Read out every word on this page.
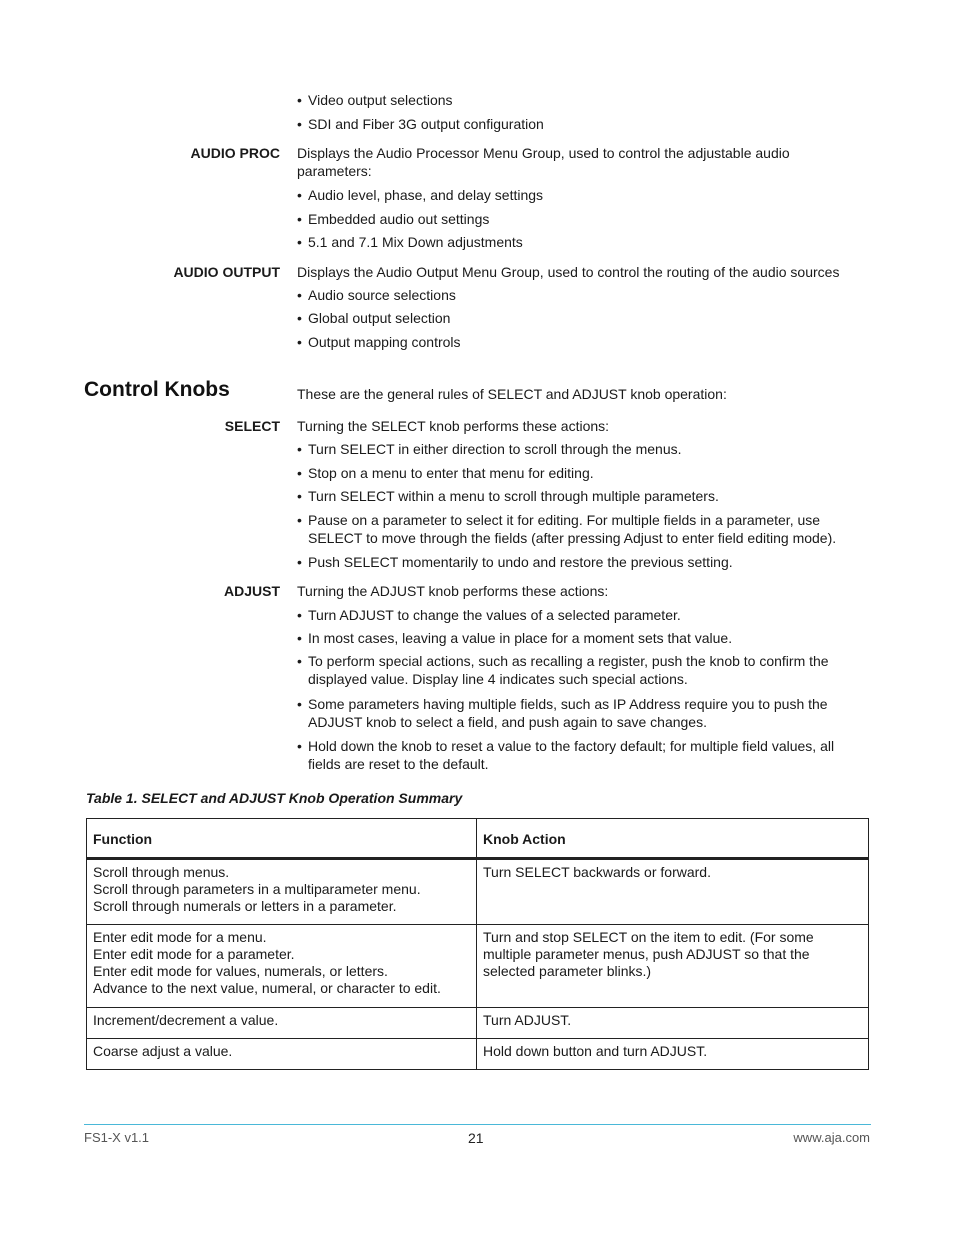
• Video output selections
• SDI and Fiber 3G output configuration
AUDIO PROC Displays the Audio Processor Menu Group, used to control the adjustable audio
parameters:
• Audio level, phase, and delay settings
• Embedded audio out settings
• 5.1 and 7.1 Mix Down adjustments
AUDIO OUTPUT Displays the Audio Output Menu Group, used to control the routing of the audio sources
• Audio source selections
• Global output selection
• Output mapping controls
Control Knobs	These are the general rules of SELECT and ADJUST knob operation:
SELECT Turning the SELECT knob performs these actions:
• Turn SELECT in either direction to scroll through the menus.
• Stop on a menu to enter that menu for editing.
• Turn SELECT within a menu to scroll through multiple parameters.
• Pause on a parameter to select it for editing. For multiple fields in a parameter, use SELECT to move through the fields (after pressing Adjust to enter field editing mode).
• Push SELECT momentarily to undo and restore the previous setting.
ADJUST Turning the ADJUST knob performs these actions:
• Turn ADJUST to change the values of a selected parameter.
• In most cases, leaving a value in place for a moment sets that value.
• To perform special actions, such as recalling a register, push the knob to confirm the displayed value. Display line 4 indicates such special actions.
• Some parameters having multiple fields, such as IP Address require you to push the ADJUST knob to select a field, and push again to save changes.
• Hold down the knob to reset a value to the factory default; for multiple field values, all fields are reset to the default.
Table 1. SELECT and ADJUST Knob Operation Summary
Function	Knob Action

Scroll through menus.
Scroll through parameters in a multiparameter menu.
Scroll through numerals or letters in a parameter.	Turn SELECT backwards or forward.

Enter edit mode for a menu.
Enter edit mode for a parameter.
Enter edit mode for values, numerals, or letters.
Advance to the next value, numeral, or character to edit.	Turn and stop SELECT on the item to edit. (For some multiple parameter menus, push ADJUST so that the selected parameter blinks.)

Increment/decrement a value.	Turn ADJUST.

Coarse adjust a value.	Hold down button and turn ADJUST.
FS1-X v1.1	21	www.aja.com
